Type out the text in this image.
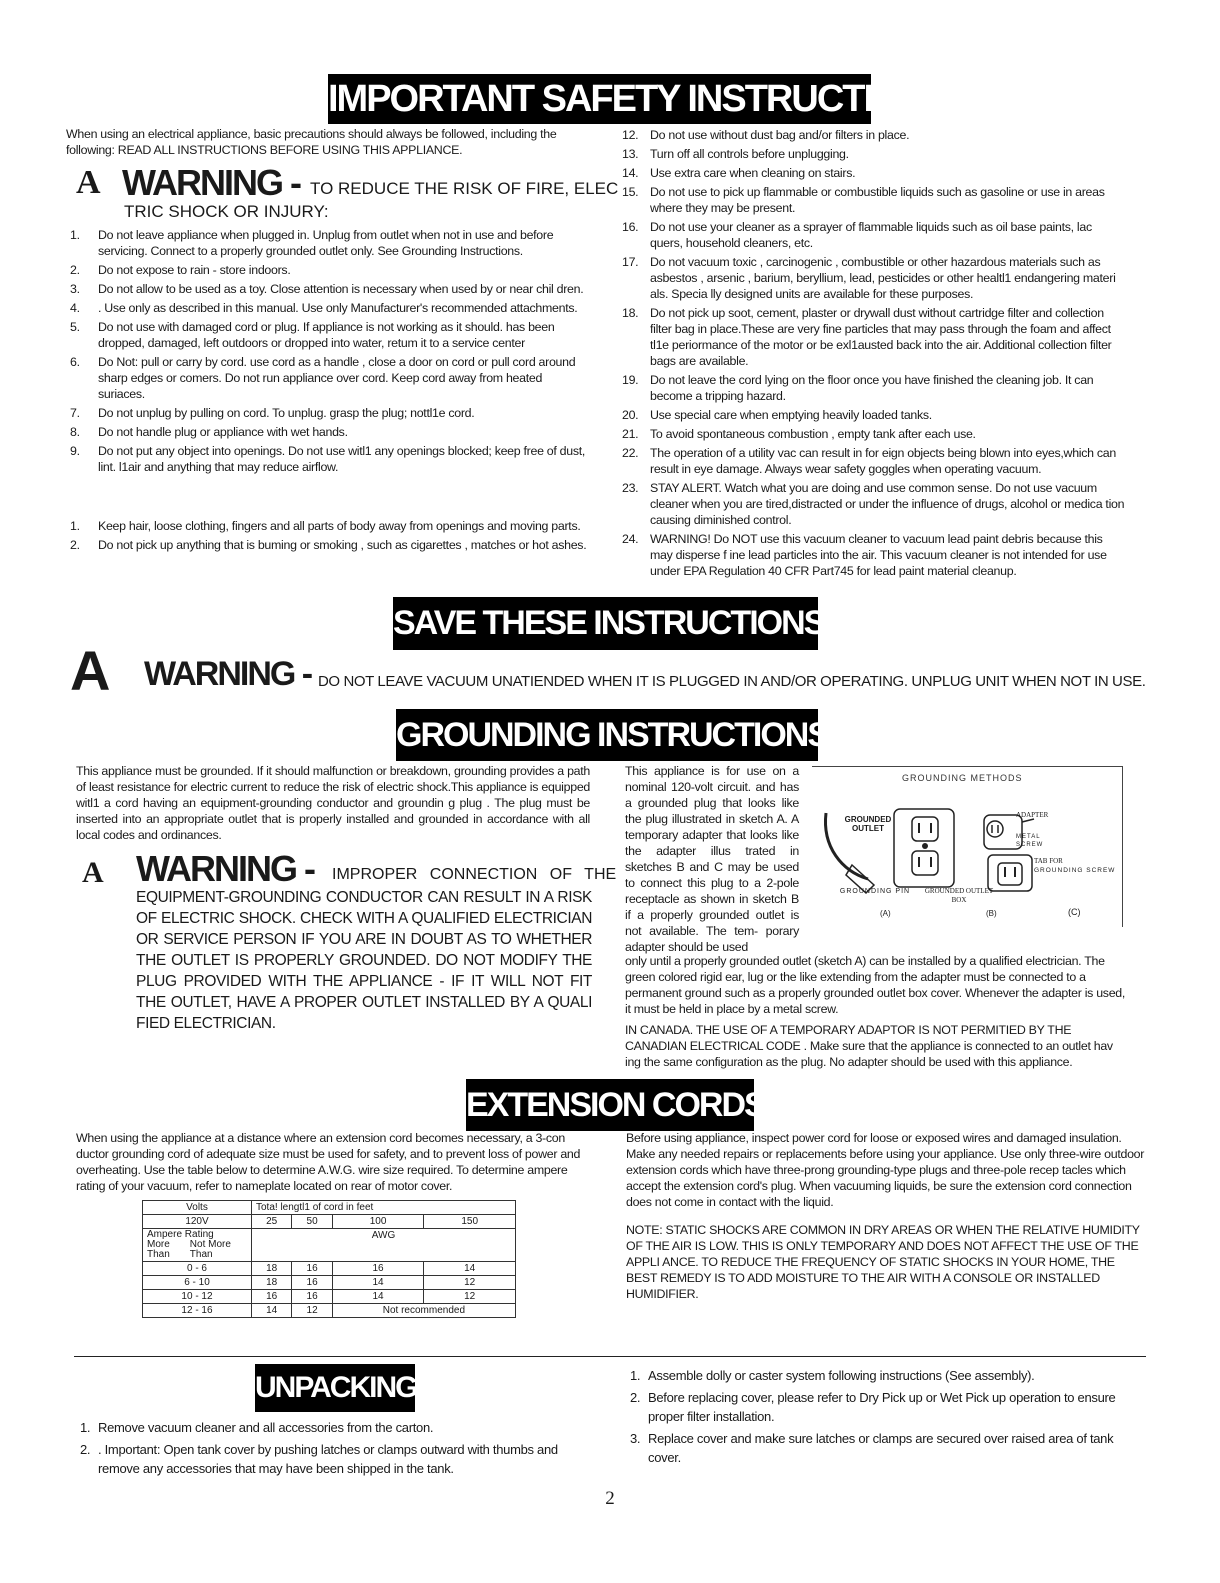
IMPORTANT SAFETY INSTRUCTIONS
When using an electrical appliance, basic precautions should always be followed, including the following: READ ALL INSTRUCTIONS BEFORE USING THIS APPLIANCE.
A WARNING - TO REDUCE THE RISK OF FIRE, ELEC
TRIC SHOCK OR INJURY:
1. Do not leave appliance when plugged in. Unplug from outlet when not in use and before servicing. Connect to a properly grounded outlet only. See Grounding Instructions.
2. Do not expose to rain - store indoors.
3. Do not allow to be used as a toy. Close attention is necessary when used by or near chil dren.
4. . Use only as described in this manual. Use only Manufacturer's recommended attachments.
5. Do not use with damaged cord or plug. If appliance is not working as it should. has been dropped, damaged, left outdoors or dropped into water, retum it to a service center
6. Do Not: pull or carry by cord. use cord as a handle , close a door on cord or pull cord around sharp edges or comers. Do not run appliance over cord. Keep cord away from heated suriaces.
7. Do not unplug by pulling on cord. To unplug. grasp the plug; nottl1e cord.
8. Do not handle plug or appliance with wet hands.
9. Do not put any object into openings. Do not use witl1 any openings blocked; keep free of dust, lint. l1air and anything that may reduce airflow.
1. Keep hair, loose clothing, fingers and all parts of body away from openings and moving parts.
2. Do not pick up anything that is buming or smoking , such as cigarettes , matches or hot ashes.
12. Do not use without dust bag and/or filters in place.
13. Turn off all controls before unplugging.
14. Use extra care when cleaning on stairs.
15. Do not use to pick up flammable or combustible liquids such as gasoline or use in areas where they may be present.
16. Do not use your cleaner as a sprayer of flammable liquids such as oil base paints, lac quers, household cleaners, etc.
17. Do not vacuum toxic , carcinogenic , combustible or other hazardous materials such as asbestos , arsenic , barium, beryllium, lead, pesticides or other healtl1 endangering materi als. Specia lly designed units are available for these purposes.
18. Do not pick up soot, cement, plaster or drywall dust without cartridge filter and collection filter bag in place.These are very fine particles that may pass through the foam and affect tl1e periormance of the motor or be exl1austed back into the air. Additional collection filter bags are available.
19. Do not leave the cord lying on the floor once you have finished the cleaning job. It can become a tripping hazard.
20. Use special care when emptying heavily loaded tanks.
21. To avoid spontaneous combustion , empty tank after each use.
22. The operation of a utility vac can result in for eign objects being blown into eyes,which can result in eye damage. Always wear safety goggles when operating vacuum.
23. STAY ALERT. Watch what you are doing and use common sense. Do not use vacuum cleaner when you are tired,distracted or under the influence of drugs, alcohol or medica tion causing diminished control.
24. WARNING! Do NOT use this vacuum cleaner to vacuum lead paint debris because this may disperse f ine lead particles into the air. This vacuum cleaner is not intended for use under EPA Regulation 40 CFR Part745 for lead paint material cleanup.
SAVE THESE INSTRUCTIONS
A WARNING - DO NOT LEAVE VACUUM UNATIENDED WHEN IT IS PLUGGED IN AND/OR OPERATING. UNPLUG UNIT WHEN NOT IN USE.
GROUNDING INSTRUCTIONS
This appliance must be grounded. If it should malfunction or breakdown, grounding provides a path of least resistance for electric current to reduce the risk of electric shock.This appliance is equipped witl1 a cord having an equipment-grounding conductor and groundin g plug . The plug must be inserted into an appropriate outlet that is properly installed and grounded in accordance with all local codes and ordinances.
A WARNING - IMPROPER CONNECTION OF THE
EQUIPMENT-GROUNDING CONDUCTOR CAN RESULT IN A RISK OF ELECTRIC SHOCK. CHECK WITH A QUALIFIED ELECTRICIAN OR SERVICE PERSON IF YOU ARE IN DOUBT AS TO WHETHER THE OUTLET IS PROPERLY GROUNDED. DO NOT MODIFY THE PLUG PROVIDED WITH THE APPLIANCE - IF IT WILL NOT FIT THE OUTLET, HAVE A PROPER OUTLET INSTALLED BY A QUALI FIED ELECTRICIAN.
This appliance is for use on a nominal 120-volt circuit. and has a grounded plug that looks like the plug illustrated in sketch A. A temporary adapter that looks like the adapter illus trated in sketches B and C may be used to connect this plug to a 2-pole receptacle as shown in sketch B if a properly grounded outlet is not available. The tem- porary adapter should be used
GROUNDING METHODS
GROUNDED OUTLET
GROUNDING PIN
ADAPTER
METAL SCREW
TAB FOR
GROUNDING SCREW
GROUNDED OUTLET BOX
(A)	(B)	(C)
only until a properly grounded outlet (sketch A) can be installed by a qualified electrician. The green colored rigid ear, lug or the like extending from the adapter must be connected to a permanent ground such as a properly grounded outlet box cover. Whenever the adapter is used, it must be held in place by a metal screw.
IN CANADA. THE USE OF A TEMPORARY ADAPTOR IS NOT PERMITIED BY THE CANADIAN ELECTRICAL CODE . Make sure that the appliance is connected to an outlet hav ing the same configuration as the plug. No adapter should be used with this appliance.
EXTENSION CORDS
When using the appliance at a distance where an extension cord becomes necessary, a 3-con ductor grounding cord of adequate size must be used for safety, and to prevent loss of power and overheating. Use the table below to determine A.W.G. wire size required. To determine ampere rating of your vacuum, refer to nameplate located on rear of motor cover.
Before using appliance, inspect power cord for loose or exposed wires and damaged insulation. Make any needed repairs or replacements before using your appliance. Use only three-wire outdoor extension cords which have three-prong grounding-type plugs and three-pole recep tacles which accept the extension cord's plug. When vacuuming liquids, be sure the extension cord connection does not come in contact with the liquid.
NOTE: STATIC SHOCKS ARE COMMON IN DRY AREAS OR WHEN THE RELATIVE HUMIDITY OF THE AIR IS LOW. THIS IS ONLY TEMPORARY AND DOES NOT AFFECT THE USE OF THE APPLI ANCE. TO REDUCE THE FREQUENCY OF STATIC SHOCKS IN YOUR HOME, THE BEST REMEDY IS TO ADD MOISTURE TO THE AIR WITH A CONSOLE OR INSTALLED HUMIDIFIER.
Volts	Tota! lengtl1 of cord in feet			
120V	25	50	100	150

Ampere Rating
More Than Not More Than	AWG			
0 - 6	18	16	16	14
6 - 10	18	16	14	12
10 - 12	16	16	14	12
12 - 16	14	12	Not recommended	
UNPACKING
1. Remove vacuum cleaner and all accessories from the carton.
2. . Important: Open tank cover by pushing latches or clamps outward with thumbs and remove any accessories that may have been shipped in the tank.
1. Assemble dolly or caster system following instructions (See assembly).
2. Before replacing cover, please refer to Dry Pick up or Wet Pick up operation to ensure proper filter installation.
3. Replace cover and make sure latches or clamps are secured over raised area of tank cover.
2
